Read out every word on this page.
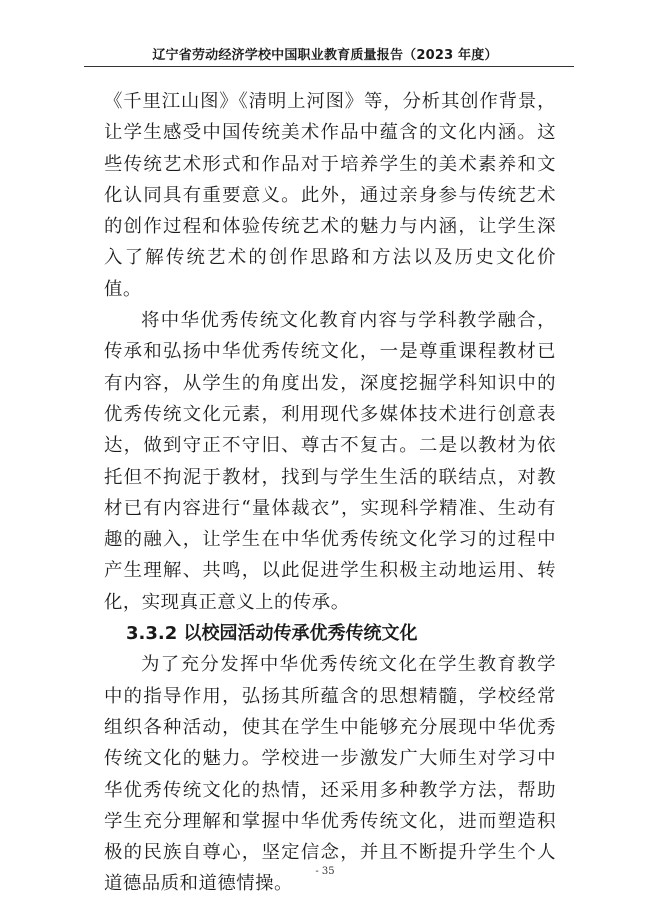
辽宁省劳动经济学校中国职业教育质量报告（2023 年度）

《千里江山图》《清明上河图》等，分析其创作背景，让学生感受中国传统美术作品中蕴含的文化内涵。这些传统艺术形式和作品对于培养学生的美术素养和文化认同具有重要意义。此外，通过亲身参与传统艺术的创作过程和体验传统艺术的魅力与内涵，让学生深入了解传统艺术的创作思路和方法以及历史文化价值。

将中华优秀传统文化教育内容与学科教学融合，传承和弘扬中华优秀传统文化，一是尊重课程教材已有内容，从学生的角度出发，深度挖掘学科知识中的优秀传统文化元素，利用现代多媒体技术进行创意表达，做到守正不守旧、尊古不复古。二是以教材为依托但不拘泥于教材，找到与学生生活的联结点，对教材已有内容进行“量体裁衣”，实现科学精准、生动有趣的融入，让学生在中华优秀传统文化学习的过程中产生理解、共鸣，以此促进学生积极主动地运用、转化，实现真正意义上的传承。

3.3.2 以校园活动传承优秀传统文化

为了充分发挥中华优秀传统文化在学生教育教学中的指导作用，弘扬其所蕴含的思想精髓，学校经常组织各种活动，使其在学生中能够充分展现中华优秀传统文化的魅力。学校进一步激发广大师生对学习中华优秀传统文化的热情，还采用多种教学方法，帮助学生充分理解和掌握中华优秀传统文化，进而塑造积极的民族自尊心，坚定信念，并且不断提升学生个人道德品质和道德情操。

- 35
